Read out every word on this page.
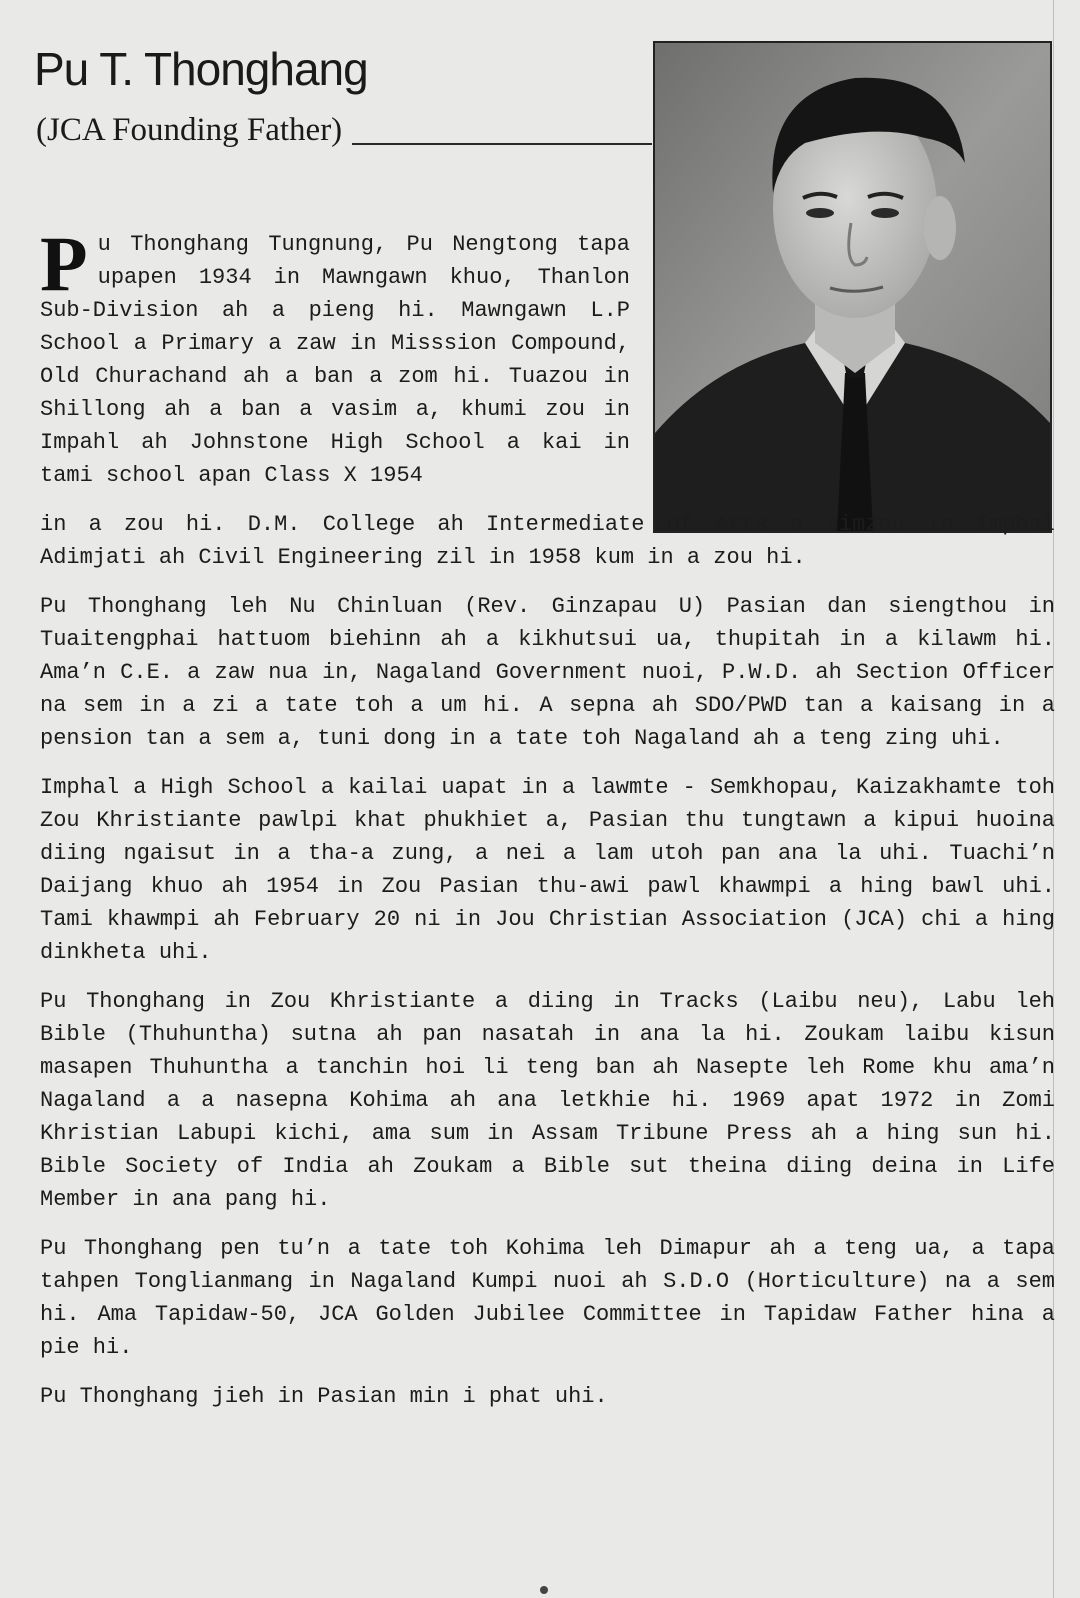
Pu T. Thonghang
(JCA Founding Father)

Pu Thonghang Tungnung, Pu Nengtong tapa upapen 1934 in Mawngawn khuo, Thanlon Sub-Division ah a pieng hi. Mawngawn L.P School a Primary a zaw in Misssion Compound, Old Churachand ah a ban a zom hi. Tuazou in Shillong ah a ban a vasim a, khumi zou in Impahl ah Johnstone High School a kai in tami school apan Class X 1954

in a zou hi. D.M. College ah Intermediate of Arts a simzou in Imphal Adimjati ah Civil Engineering zil in 1958 kum in a zou hi.

Pu Thonghang leh Nu Chinluan (Rev. Ginzapau U) Pasian dan siengthou in Tuaitengphai hattuom biehinn ah a kikhutsui ua, thupitah in a kilawm hi. Ama’n C.E. a zaw nua in, Nagaland Government nuoi, P.W.D. ah Section Officer na sem in a zi a tate toh a um hi. A sepna ah SDO/PWD tan a kaisang in a pension tan a sem a, tuni dong in a tate toh Nagaland ah a teng zing uhi.

Imphal a High School a kailai uapat in a lawmte - Semkhopau, Kaizakhamte toh Zou Khristiante pawlpi khat phukhiet a, Pasian thu tungtawn a kipui huoina diing ngaisut in a tha-a zung, a nei a lam utoh pan ana la uhi. Tuachi’n Daijang khuo ah 1954 in Zou Pasian thu-awi pawl khawmpi a hing bawl uhi. Tami khawmpi ah February 20 ni in Jou Christian Association (JCA) chi a hing dinkheta uhi.

Pu Thonghang in Zou Khristiante a diing in Tracks (Laibu neu), Labu leh Bible (Thuhuntha) sutna ah pan nasatah in ana la hi. Zoukam laibu kisun masapen Thuhuntha a tanchin hoi li teng ban ah Nasepte leh Rome khu ama’n Nagaland a a nasepna Kohima ah ana letkhie hi. 1969 apat 1972 in Zomi Khristian Labupi kichi, ama sum in Assam Tribune Press ah a hing sun hi. Bible Society of India ah Zoukam a Bible sut theina diing deina in Life Member in ana pang hi.

Pu Thonghang pen tu’n a tate toh Kohima leh Dimapur ah a teng ua, a tapa tahpen Tonglianmang in Nagaland Kumpi nuoi ah S.D.O (Horticulture) na a sem hi. Ama Tapidaw-50, JCA Golden Jubilee Committee in Tapidaw Father hina a pie hi.

Pu Thonghang jieh in Pasian min i phat uhi.
